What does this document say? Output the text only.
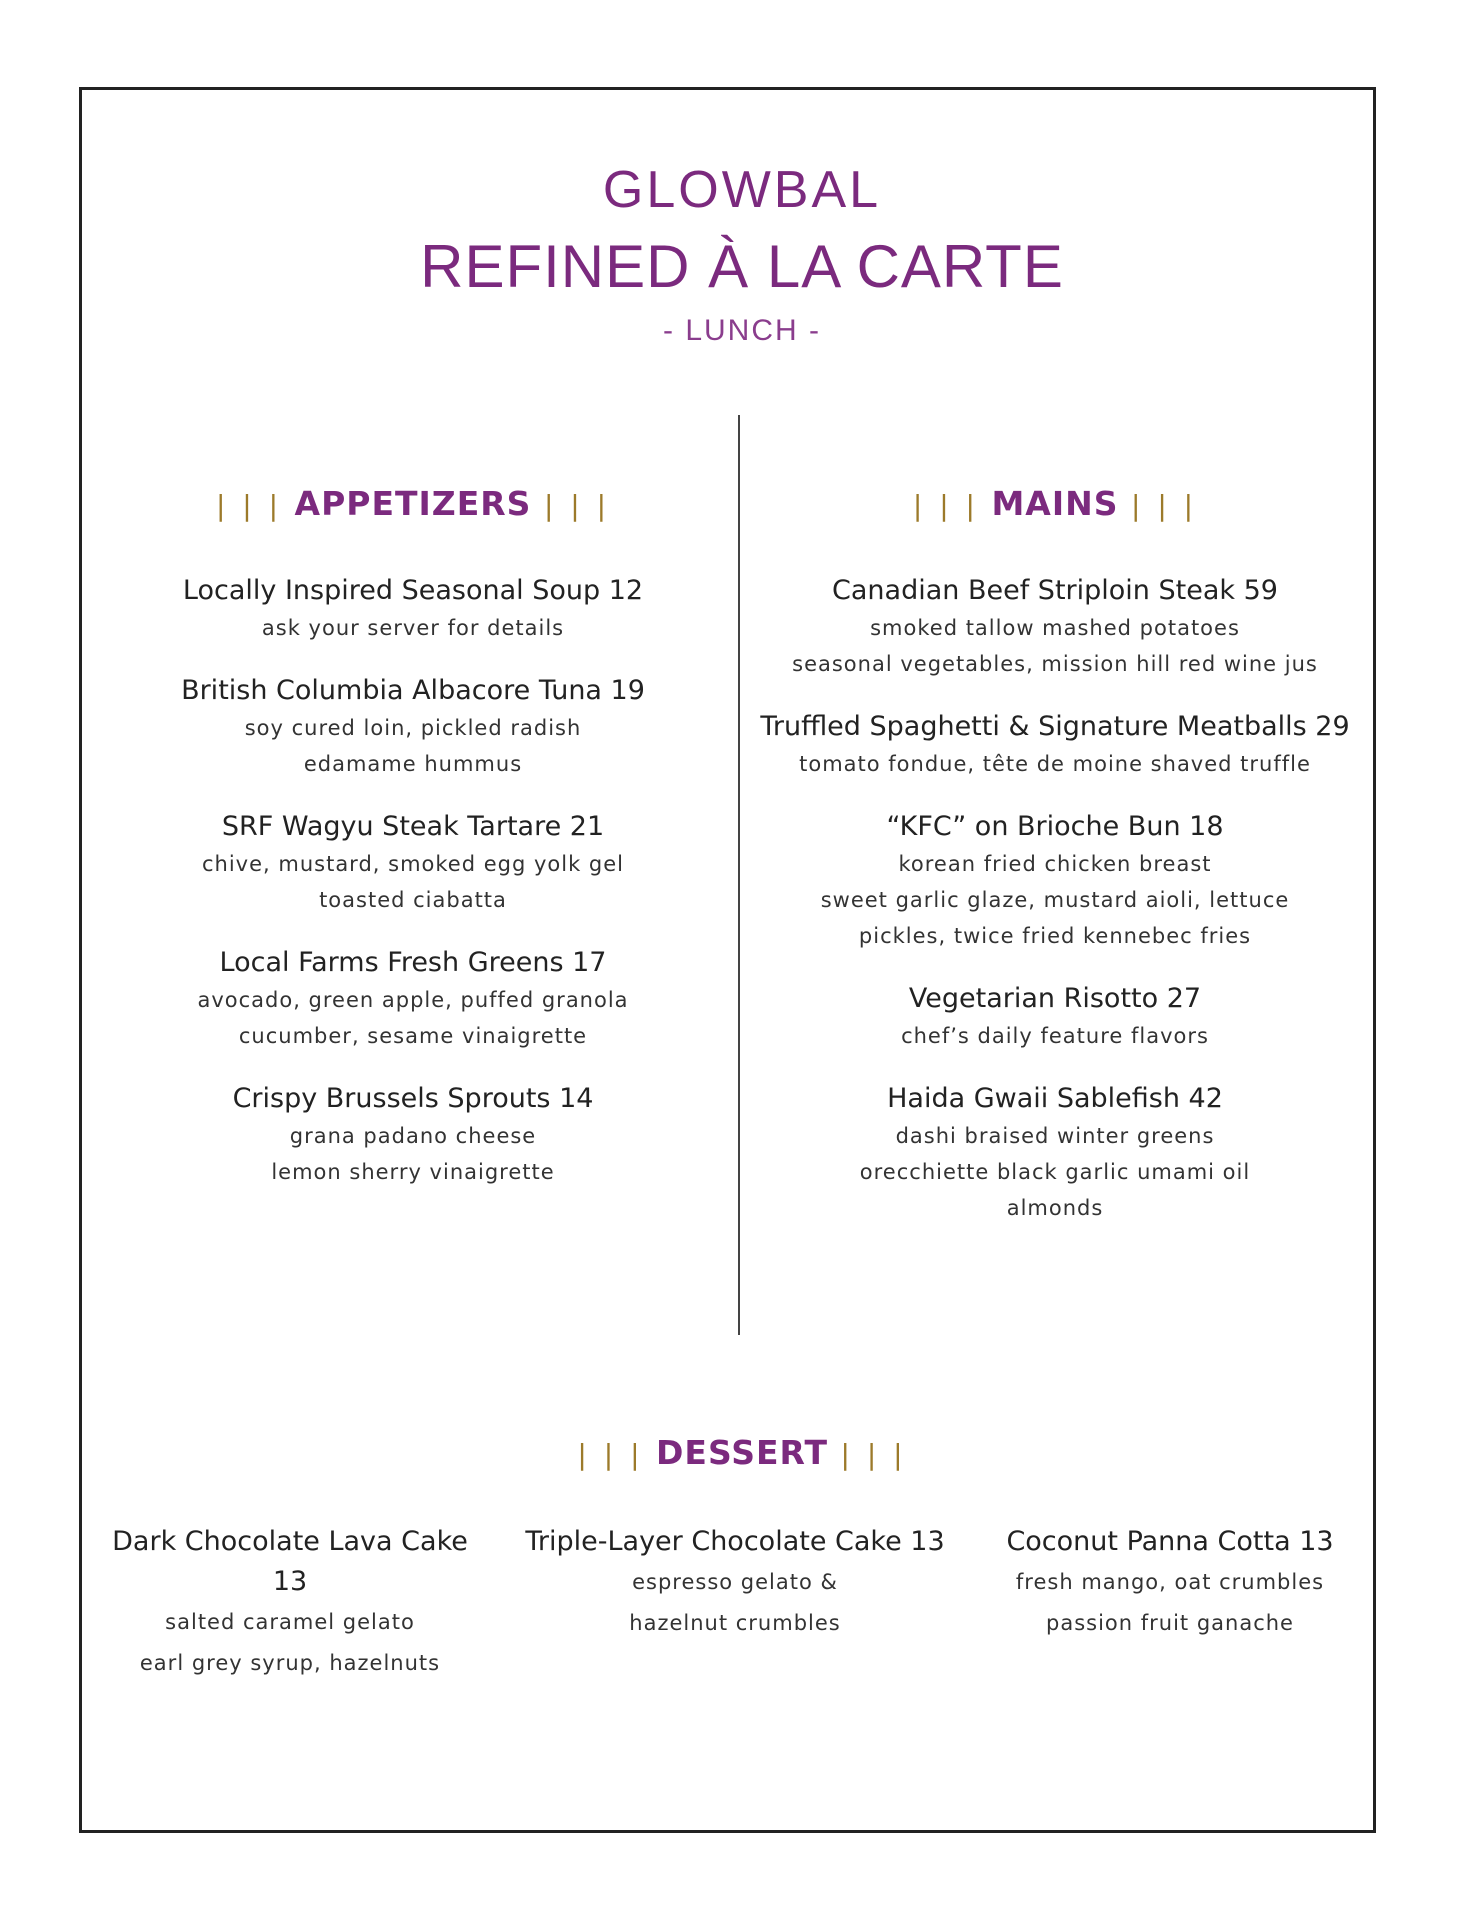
GLOWBAL
REFINED À LA CARTE
- LUNCH -
| | | APPETIZERS | | |
Locally Inspired Seasonal Soup 12
ask your server for details
British Columbia Albacore Tuna 19
soy cured loin, pickled radish
edamame hummus
SRF Wagyu Steak Tartare 21
chive, mustard, smoked egg yolk gel
toasted ciabatta
Local Farms Fresh Greens 17
avocado, green apple, puffed granola
cucumber, sesame vinaigrette
Crispy Brussels Sprouts 14
grana padano cheese
lemon sherry vinaigrette
| | | MAINS | | |
Canadian Beef Striploin Steak 59
smoked tallow mashed potatoes
seasonal vegetables, mission hill red wine jus
Truffled Spaghetti & Signature Meatballs 29
tomato fondue, tête de moine shaved truffle
“KFC” on Brioche Bun 18
korean fried chicken breast
sweet garlic glaze, mustard aioli, lettuce
pickles, twice fried kennebec fries
Vegetarian Risotto 27
chef’s daily feature flavors
Haida Gwaii Sablefish 42
dashi braised winter greens
orecchiette black garlic umami oil
almonds
| | | DESSERT | | |
Dark Chocolate Lava Cake 13
salted caramel gelato
earl grey syrup, hazelnuts
Triple-Layer Chocolate Cake 13
espresso gelato &
hazelnut crumbles
Coconut Panna Cotta 13
fresh mango, oat crumbles
passion fruit ganache
